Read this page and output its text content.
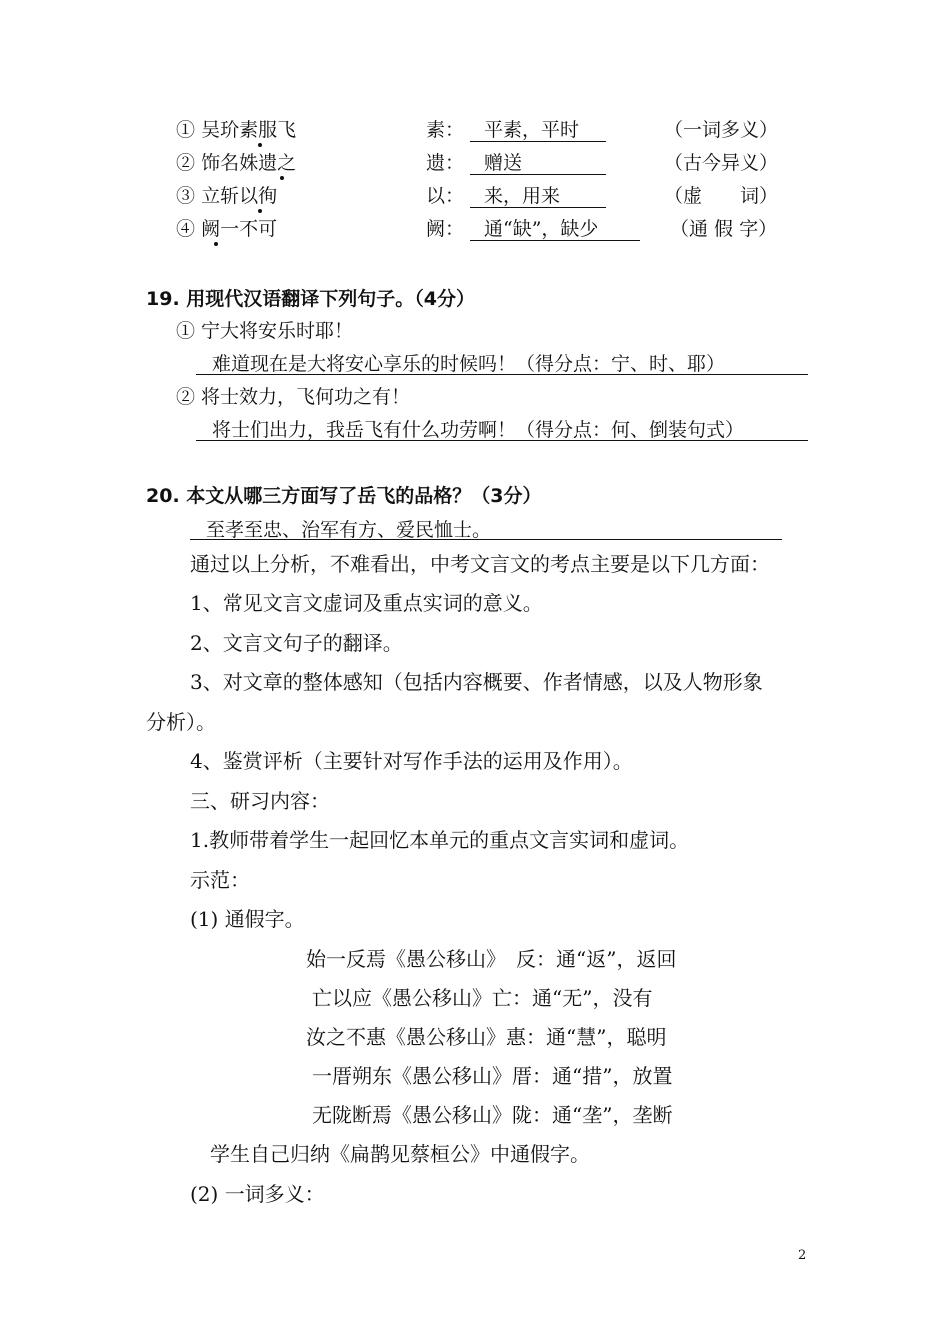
① 吴玠素服飞	素： 平素，平时	（一词多义）
② 饰名姝遗之	遗： 赠送	（古今异义）
③ 立斩以徇	以： 来，用来	（虚　　词）
④ 阙一不可	阙： 通“缺”，缺少	（通 假 字）
19. 用现代汉语翻译下列句子。（4分）
① 宁大将安乐时耶！
难道现在是大将安心享乐的时候吗！（得分点：宁、时、耶）
② 将士效力，飞何功之有！
将士们出力，我岳飞有什么功劳啊！（得分点：何、倒装句式）
20. 本文从哪三方面写了岳飞的品格？（3分）
至孝至忠、治军有方、爱民恤士。
通过以上分析，不难看出，中考文言文的考点主要是以下几方面：
1、常见文言文虚词及重点实词的意义。
2、文言文句子的翻译。
3、对文章的整体感知（包括内容概要、作者情感，以及人物形象
分析）。
4、鉴赏评析（主要针对写作手法的运用及作用）。
三、研习内容：
1.教师带着学生一起回忆本单元的重点文言实词和虚词。
示范：
(1) 通假字。
始一反焉《愚公移山》　反：通“返”，返回
亡以应《愚公移山》亡：通“无”，没有
汝之不惠《愚公移山》惠：通“慧”，聪明
一厝朔东《愚公移山》厝：通“措”，放置
无陇断焉《愚公移山》陇：通“垄”，垄断
学生自己归纳《扁鹊见蔡桓公》中通假字。
(2) 一词多义：
2
